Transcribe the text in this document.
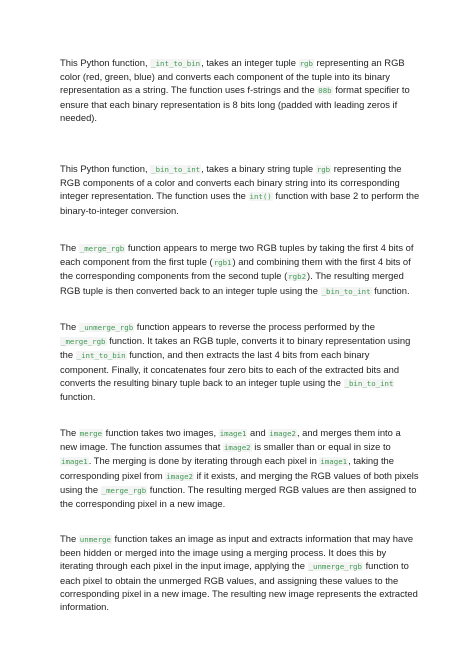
This Python function, _int_to_bin, takes an integer tuple rgb representing an RGB color (red, green, blue) and converts each component of the tuple into its binary representation as a string. The function uses f-strings and the 08b format specifier to ensure that each binary representation is 8 bits long (padded with leading zeros if needed).

This Python function, _bin_to_int, takes a binary string tuple rgb representing the RGB components of a color and converts each binary string into its corresponding integer representation. The function uses the int() function with base 2 to perform the binary-to-integer conversion.

The _merge_rgb function appears to merge two RGB tuples by taking the first 4 bits of each component from the first tuple (rgb1) and combining them with the first 4 bits of the corresponding components from the second tuple (rgb2). The resulting merged RGB tuple is then converted back to an integer tuple using the _bin_to_int function.

The _unmerge_rgb function appears to reverse the process performed by the _merge_rgb function. It takes an RGB tuple, converts it to binary representation using the _int_to_bin function, and then extracts the last 4 bits from each binary component. Finally, it concatenates four zero bits to each of the extracted bits and converts the resulting binary tuple back to an integer tuple using the _bin_to_int function.

The merge function takes two images, image1 and image2, and merges them into a new image. The function assumes that image2 is smaller than or equal in size to image1. The merging is done by iterating through each pixel in image1, taking the corresponding pixel from image2 if it exists, and merging the RGB values of both pixels using the _merge_rgb function. The resulting merged RGB values are then assigned to the corresponding pixel in a new image.

The unmerge function takes an image as input and extracts information that may have been hidden or merged into the image using a merging process. It does this by iterating through each pixel in the input image, applying the _unmerge_rgb function to each pixel to obtain the unmerged RGB values, and assigning these values to the corresponding pixel in a new image. The resulting new image represents the extracted information.
